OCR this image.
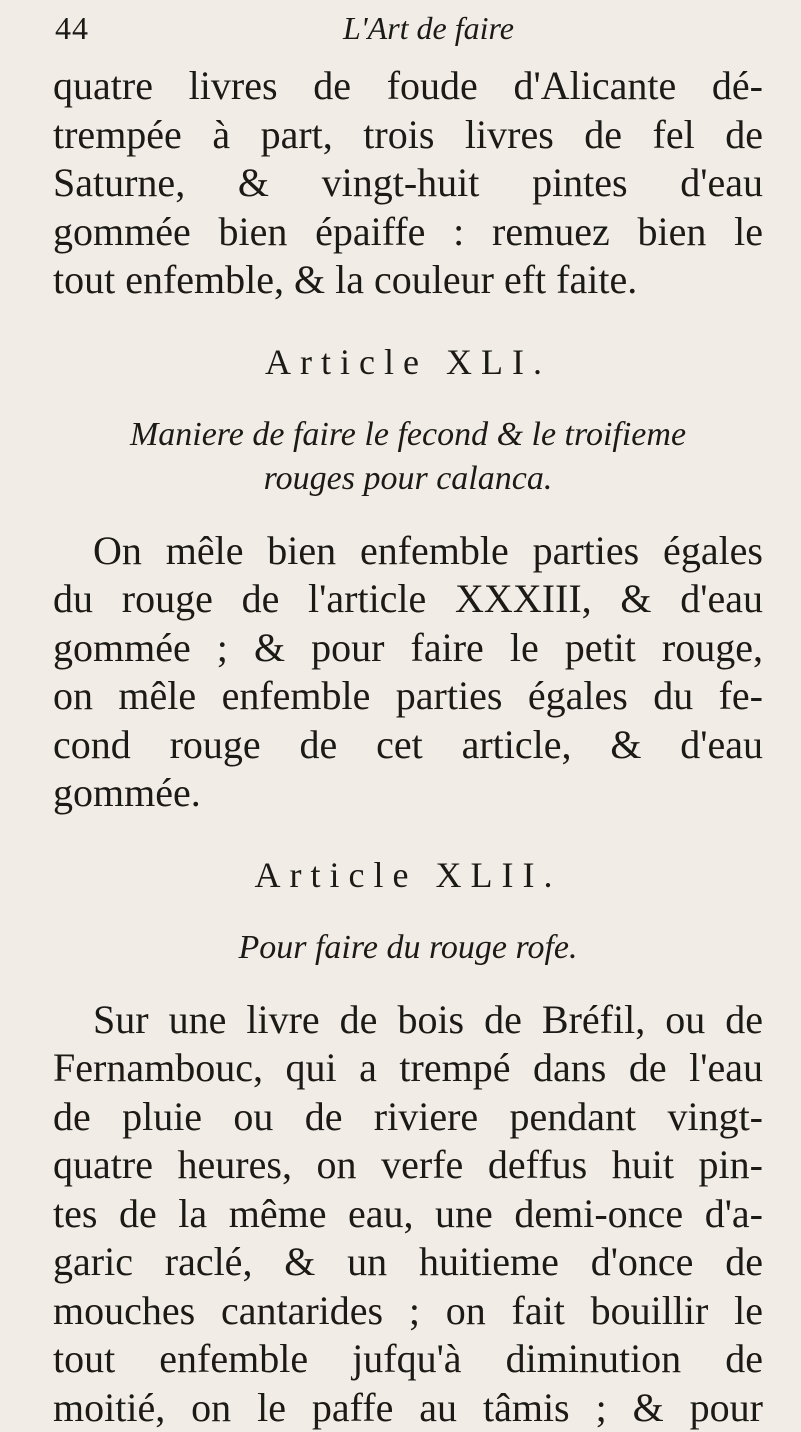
44	L'Art de faire

quatre livres de foude d'Alicante dé-
trempée à part, trois livres de fel de
Saturne, & vingt-huit pintes d'eau
gommée bien épaiffe : remuez bien le
tout enfemble, & la couleur eft faite.

Article XLI.
Maniere de faire le fecond & le troifieme
rouges pour calanca.

On mêle bien enfemble parties égales
du rouge de l'article XXXIII, & d'eau
gommée ; & pour faire le petit rouge,
on mêle enfemble parties égales du fe-
cond rouge de cet article, & d'eau
gommée.

Article XLII.
Pour faire du rouge rofe.

Sur une livre de bois de Bréfil, ou de
Fernambouc, qui a trempé dans de l'eau
de pluie ou de riviere pendant vingt-
quatre heures, on verfe deffus huit pin-
tes de la même eau, une demi-once d'a-
garic raclé, & un huitieme d'once de
mouches cantarides ; on fait bouillir le
tout enfemble jufqu'à diminution de
moitié, on le paffe au tâmis ; & pour
